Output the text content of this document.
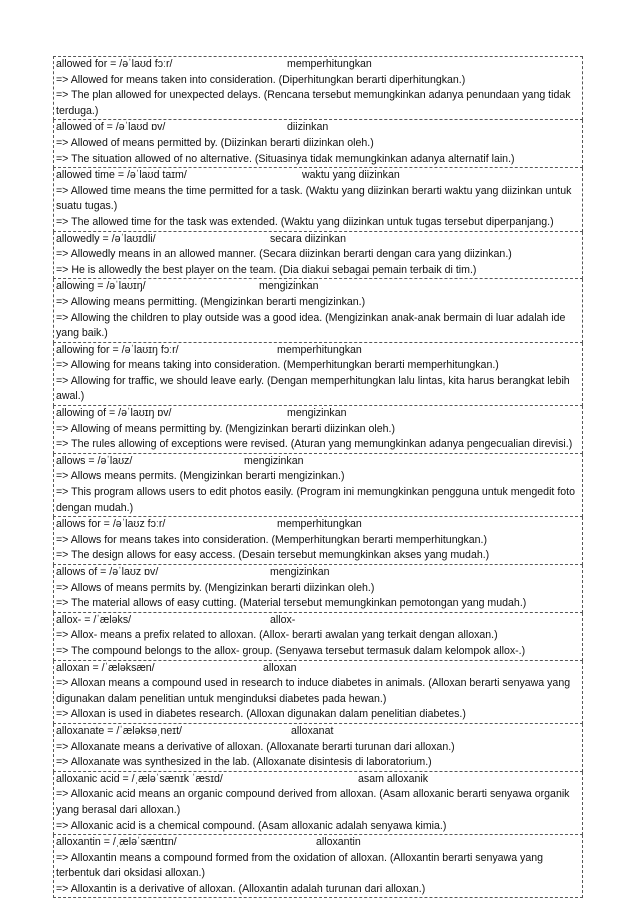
allowed for = /əˈlaʊd fɔːr/	memperhitungkan
=> Allowed for means taken into consideration. (Diperhitungkan berarti diperhitungkan.)
=> The plan allowed for unexpected delays. (Rencana tersebut memungkinkan adanya penundaan yang tidak terduga.)
allowed of = /əˈlaʊd ɒv/	diizinkan
=> Allowed of means permitted by. (Diizinkan berarti diizinkan oleh.)
=> The situation allowed of no alternative. (Situasinya tidak memungkinkan adanya alternatif lain.)
allowed time = /əˈlaʊd taɪm/	waktu yang diizinkan
=> Allowed time means the time permitted for a task. (Waktu yang diizinkan berarti waktu yang diizinkan untuk suatu tugas.)
=> The allowed time for the task was extended. (Waktu yang diizinkan untuk tugas tersebut diperpanjang.)
allowedly = /əˈlaʊɪdli/	secara diizinkan
=> Allowedly means in an allowed manner. (Secara diizinkan berarti dengan cara yang diizinkan.)
=> He is allowedly the best player on the team. (Dia diakui sebagai pemain terbaik di tim.)
allowing = /əˈlaʊɪŋ/	mengizinkan
=> Allowing means permitting. (Mengizinkan berarti mengizinkan.)
=> Allowing the children to play outside was a good idea. (Mengizinkan anak-anak bermain di luar adalah ide yang baik.)
allowing for = /əˈlaʊɪŋ fɔːr/	memperhitungkan
=> Allowing for means taking into consideration. (Memperhitungkan berarti memperhitungkan.)
=> Allowing for traffic, we should leave early. (Dengan memperhitungkan lalu lintas, kita harus berangkat lebih awal.)
allowing of = /əˈlaʊɪŋ ɒv/	mengizinkan
=> Allowing of means permitting by. (Mengizinkan berarti diizinkan oleh.)
=> The rules allowing of exceptions were revised. (Aturan yang memungkinkan adanya pengecualian direvisi.)
allows = /əˈlaʊz/	mengizinkan
=> Allows means permits. (Mengizinkan berarti mengizinkan.)
=> This program allows users to edit photos easily. (Program ini memungkinkan pengguna untuk mengedit foto dengan mudah.)
allows for = /əˈlaʊz fɔːr/	memperhitungkan
=> Allows for means takes into consideration. (Memperhitungkan berarti memperhitungkan.)
=> The design allows for easy access. (Desain tersebut memungkinkan akses yang mudah.)
allows of = /əˈlaʊz ɒv/	mengizinkan
=> Allows of means permits by. (Mengizinkan berarti diizinkan oleh.)
=> The material allows of easy cutting. (Material tersebut memungkinkan pemotongan yang mudah.)
allox- = /ˈæləks/	allox-
=> Allox- means a prefix related to alloxan. (Allox- berarti awalan yang terkait dengan alloxan.)
=> The compound belongs to the allox- group. (Senyawa tersebut termasuk dalam kelompok allox-.)
alloxan = /ˈæləksæn/	alloxan
=> Alloxan means a compound used in research to induce diabetes in animals. (Alloxan berarti senyawa yang digunakan dalam penelitian untuk menginduksi diabetes pada hewan.)
=> Alloxan is used in diabetes research. (Alloxan digunakan dalam penelitian diabetes.)
alloxanate = /ˈæləksəˌneɪt/	alloxanat
=> Alloxanate means a derivative of alloxan. (Alloxanate berarti turunan dari alloxan.)
=> Alloxanate was synthesized in the lab. (Alloxanate disintesis di laboratorium.)
alloxanic acid = /ˌæləˈsænɪk ˈæsɪd/	asam alloxanik
=> Alloxanic acid means an organic compound derived from alloxan. (Asam alloxanic berarti senyawa organik yang berasal dari alloxan.)
=> Alloxanic acid is a chemical compound. (Asam alloxanic adalah senyawa kimia.)
alloxantin = /ˌæləˈsæntɪn/	alloxantin
=> Alloxantin means a compound formed from the oxidation of alloxan. (Alloxantin berarti senyawa yang terbentuk dari oksidasi alloxan.)
=> Alloxantin is a derivative of alloxan. (Alloxantin adalah turunan dari alloxan.)
